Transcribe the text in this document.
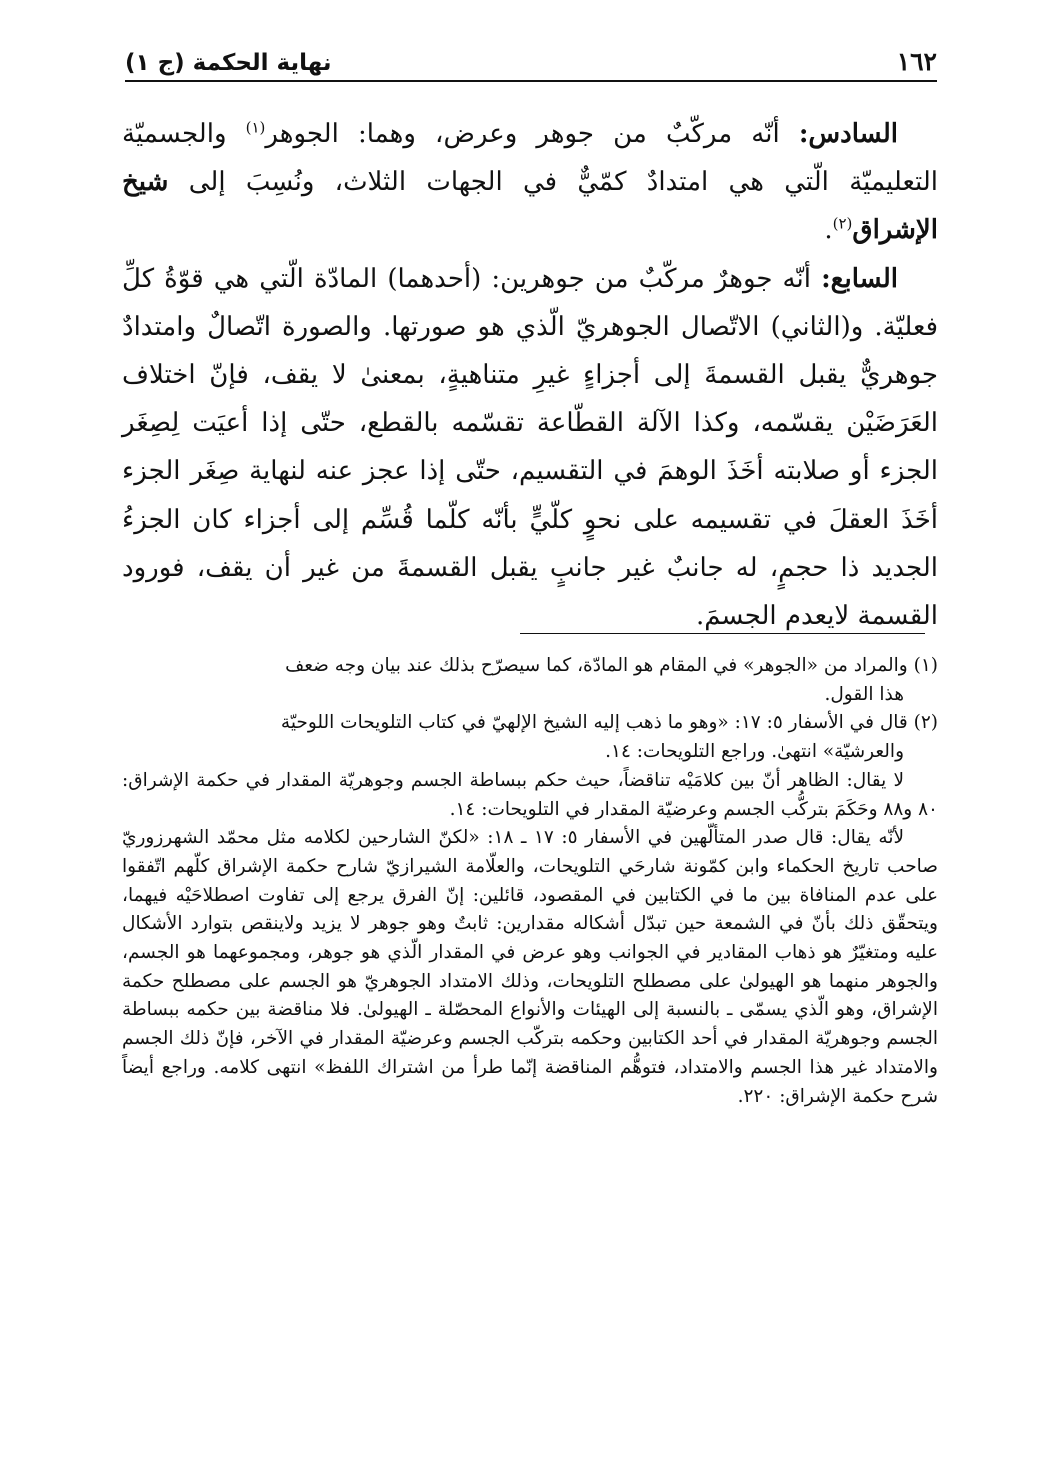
١٦٢
نهاية الحكمة (ج ١)

السادس: أنّه مركّبٌ من جوهر وعرض، وهما: الجوهر$^{(١)}$ والجسميّة التعليميّة الّتي هي امتدادٌ كمّيٌّ في الجهات الثلاث، ونُسِبَ إلى شيخ الإشراق$^{(٢)}$.

السابع: أنّه جوهرٌ مركّبٌ من جوهرين: (أحدهما) المادّة الّتي هي قوّةُ كلِّ فعليّة. و(الثاني) الاتّصال الجوهريّ الّذي هو صورتها. والصورة اتّصالٌ وامتدادٌ جوهريٌّ يقبل القسمةَ إلى أجزاءٍ غيرِ متناهيةٍ، بمعنىٰ لا يقف، فإنّ اختلاف العَرَضَيْن يقسّمه، وكذا الآلة القطّاعة تقسّمه بالقطع، حتّى إذا أعيَت لِصِغَر الجزء أو صلابته أخَذَ الوهمَ في التقسيم، حتّى إذا عجز عنه لنهاية صِغَر الجزء أخَذَ العقلَ في تقسيمه على نحوٍ كلّيٍّ بأنّه كلّما قُسِّم إلى أجزاء كان الجزءُ الجديد ذا حجمٍ، له جانبٌ غير جانبٍ يقبل القسمةَ من غير أن يقف، فورود القسمة لايعدم الجسمَ.

(١) والمراد من «الجوهر» في المقام هو المادّة، كما سيصرّح بذلك عند بيان وجه ضعف

هذا القول.

(٢) قال في الأسفار ٥: ١٧: «وهو ما ذهب إليه الشيخ الإلهيّ في كتاب التلويحات اللوحيّة

والعرشيّة» انتهىٰ. وراجع التلويحات: ١٤.

لا يقال: الظاهر أنّ بين كلامَيْه تناقضاً، حيث حكم ببساطة الجسم وجوهريّة المقدار في حكمة الإشراق: ٨٠ و٨٨ وحَكَمَ بتركُّب الجسم وعرضيّة المقدار في التلويحات: ١٤.

لأنّه يقال: قال صدر المتألّهين في الأسفار ٥: ١٧ ـ ١٨: «لكنّ الشارحين لكلامه مثل محمّد الشهرزوريّ صاحب تاريخ الحكماء وابن كمّونة شارحَي التلويحات، والعلّامة الشيرازيّ شارح حكمة الإشراق كلّهم اتّفقوا على عدم المنافاة بين ما في الكتابين في المقصود، قائلين: إنّ الفرق يرجع إلى تفاوت اصطلاحَيْه فيهما، ويتحقّق ذلك بأنّ في الشمعة حين تبدّل أشكاله مقدارين: ثابتٌ وهو جوهر لا يزيد ولاينقص بتوارد الأشكال عليه ومتغيّرٌ هو ذهاب المقادير في الجوانب وهو عرض في المقدار الّذي هو جوهر، ومجموعهما هو الجسم، والجوهر منهما هو الهيولىٰ على مصطلح التلويحات، وذلك الامتداد الجوهريّ هو الجسم على مصطلح حكمة الإشراق، وهو الّذي يسمّى ـ بالنسبة إلى الهيئات والأنواع المحصّلة ـ الهيولىٰ. فلا مناقضة بين حكمه ببساطة الجسم وجوهريّة المقدار في أحد الكتابين وحكمه بتركّب الجسم وعرضيّة المقدار في الآخر، فإنّ ذلك الجسم والامتداد غير هذا الجسم والامتداد، فتوهُّم المناقضة إنّما طرأ من اشتراك اللفظ» انتهى كلامه. وراجع أيضاً شرح حكمة الإشراق: ٢٢٠.
